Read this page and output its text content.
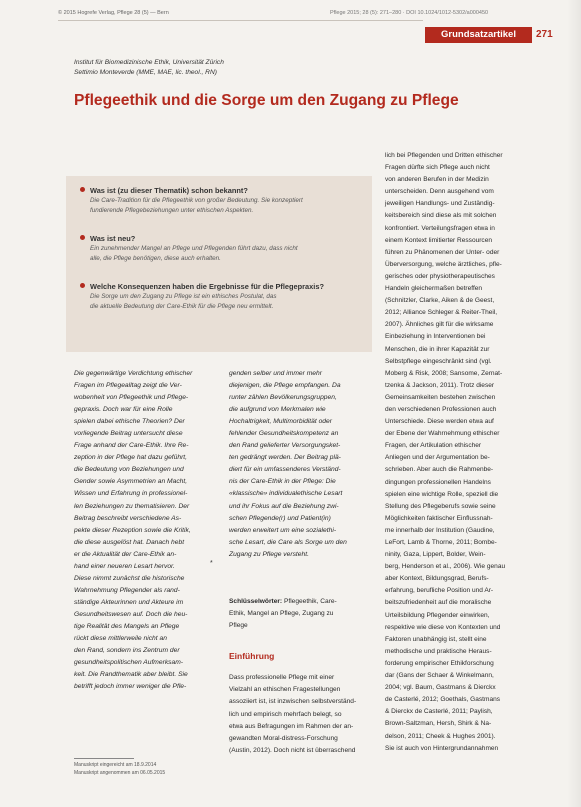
© 2015 Hogrefe Verlag, Pflege 28 (5) — Bern	Pflege 2015; 28 (5): 271–280 · DOI 10.1024/1012-5302/a000450
Grundsatzartikel	271
Institut für Biomedizinische Ethik, Universität Zürich
Settimio Monteverde (MME, MAE, lic. theol., RN)
Pflegeethik und die Sorge um den Zugang zu Pflege
Was ist (zu dieser Thematik) schon bekannt?
Die Care-Tradition für die Pflegeethik von großer Bedeutung. Sie konzeptiert
fundierende Pflegebeziehungen unter ethischen Aspekten.
Was ist neu?
Ein zunehmender Mangel an Pflege und Pflegenden führt dazu, dass nicht
alle, die Pflege benötigen, diese auch erhalten.
Welche Konsequenzen haben die Ergebnisse für die Pflegepraxis?
Die Sorge um den Zugang zu Pflege ist ein ethisches Postulat, das
die aktuelle Bedeutung der Care-Ethik für die Pflege neu ermittelt.
Die gegenwärtige Verdichtung ethischer
Fragen im Pflegealltag zeigt die Ver-
wobenheit von Pflegeethik und Pflege-
gepraxis. Doch war für eine Rolle
spielen dabei ethische Theorien? Der
vorliegende Beitrag untersucht diese
Frage anhand der Care-Ethik. Ihre Re-
zeption in der Pflege hat dazu geführt,
die Bedeutung von Beziehungen und
Gender sowie Asymmetrien an Macht,
Wissen und Erfahrung in professionel-
len Beziehungen zu thematisieren. Der
Beitrag beschreibt verschiedene As-
pekte dieser Rezeption sowie die Kritik,
die diese ausgelöst hat. Danach hebt
er die Aktualität der Care-Ethik an-
hand einer neueren Lesart hervor.
Diese nimmt zunächst die historische
Wahrnehmung Pflegender als rand-
ständige Akteurinnen und Akteure im
Gesundheitswesen auf. Doch die heu-
tige Realität des Mangels an Pflege
rückt diese mittlerweile nicht an
den Rand, sondern ins Zentrum der
gesundheitspolitischen Aufmerksam-
keit. Die Randthematik aber bleibt. Sie
betrifft jedoch immer weniger die Pfle-
*
genden selber und immer mehr
diejenigen, die Pflege empfangen. Da
runter zählen Bevölkerungsgruppen,
die aufgrund von Merkmalen wie
Hochaltrigkeit, Multimorbidität oder
fehlender Gesundheitskompetenz an
den Rand gelieferter Versorgungsket-
ten gedrängt werden. Der Beitrag plä-
diert für ein umfassenderes Verständ-
nis der Care-Ethik in der Pflege: Die
«klassische» individualethische Lesart
und ihr Fokus auf die Beziehung zwi-
schen Pflegende(r) und Patient(in)
werden erweitert um eine sozialethi-
sche Lesart, die Care als Sorge um den
Zugang zu Pflege versteht.
Schlüsselwörter: Pflegeethik, Care-
Ethik, Mangel an Pflege, Zugang zu
Pflege
Einführung
Dass professionelle Pflege mit einer
Vielzahl an ethischen Fragestellungen
assoziiert ist, ist inzwischen selbstverständ-
lich und empirisch mehrfach belegt, so
etwa aus Befragungen im Rahmen der an-
gewandten Moral-distress-Forschung
(Austin, 2012). Doch nicht ist überraschend
lich bei Pflegenden und Dritten ethischer
Fragen dürfte sich Pflege auch nicht
von anderen Berufen in der Medizin
unterscheiden. Denn ausgehend vom
jeweiligen Handlungs- und Zuständig-
keitsbereich sind diese als mit solchen
konfrontiert. Verteilungsfragen etwa in
einem Kontext limitierter Ressourcen
führen zu Phänomenen der Unter- oder
Überversorgung, welche ärztliches, pfle-
gerisches oder physiotherapeutisches
Handeln gleichermaßen betreffen
(Schnitzler, Clarke, Aiken & de Geest,
2012; Alliance Schleger & Reiter-Theil,
2007). Ähnliches gilt für die wirksame
Einbeziehung in Interventionen bei
Menschen, die in ihrer Kapazität zur
Selbstpflege eingeschränkt sind (vgl.
Moberg & Risk, 2008; Sansome, Zernat-
tzenka & Jackson, 2011). Trotz dieser
Gemeinsamkeiten bestehen zwischen
den verschiedenen Professionen auch
Unterschiede. Diese werden etwa auf
der Ebene der Wahrnehmung ethischer
Fragen, der Artikulation ethischer
Anliegen und der Argumentation be-
schrieben. Aber auch die Rahmenbe-
dingungen professionellen Handelns
spielen eine wichtige Rolle, speziell die
Stellung des Pflegeberufs sowie seine
Möglichkeiten faktischer Einflussnah-
me innerhalb der Institution (Gaudine,
LeFort, Lamb & Thorne, 2011; Bombe-
ninity, Gaza, Lippert, Bolder, Wein-
berg, Henderson et al., 2006). Wie genau
aber Kontext, Bildungsgrad, Berufs-
erfahrung, berufliche Position und Ar-
beitszufriedenheit auf die moralische
Urteilsbildung Pflegender einwirken,
respektive wie diese von Kontexten und
Faktoren unabhängig ist, stellt eine
methodische und praktische Heraus-
forderung empirischer Ethikforschung
dar (Gans der Schaer & Winkelmann,
2004; vgl. Baum, Gastmans & Dierckx
de Casterlé, 2012; Goethals, Gastmans
& Dierckx de Casterlé, 2011; Paylish,
Brown-Saltzman, Hersh, Shirk & Na-
delson, 2011; Cheek & Hughes 2001).
Sie ist auch von Hintergrundannahmen
Manuskript eingereicht am 18.9.2014
Manuskript angenommen am 06.05.2015
